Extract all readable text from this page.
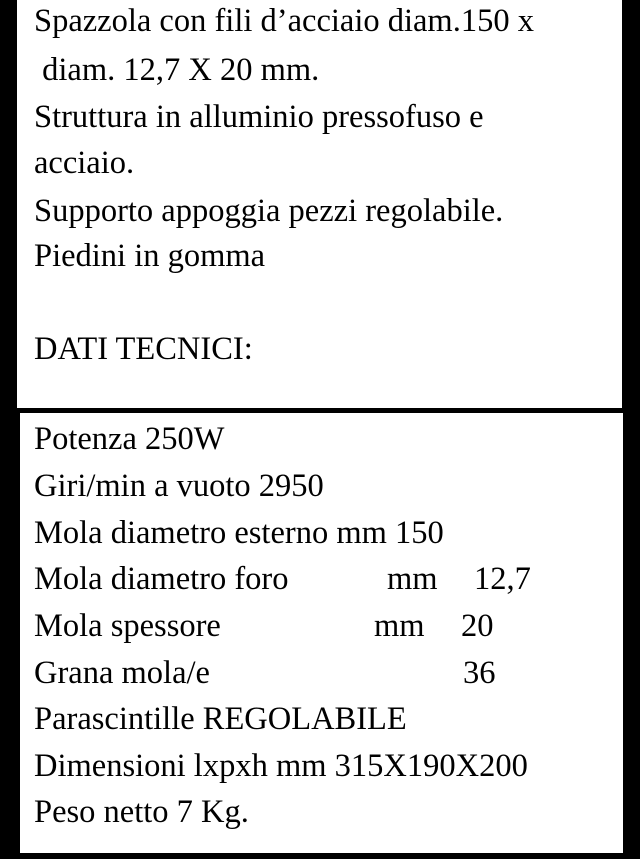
Spazzola con fili d’acciaio diam.150 x

diam. 12,7 X 20 mm.

Struttura in alluminio pressofuso e

acciaio.

Supporto appoggia pezzi regolabile.

Piedini in gomma

DATI TECNICI:

Potenza 250W

Giri/min a vuoto 2950

Mola diametro esterno mm 150

Mola diametro foro	mm 12,7
Mola spessore	mm 20
Grana mola/e	36

Parascintille REGOLABILE

Dimensioni lxpxh mm 315X190X200

Peso netto 7 Kg.
